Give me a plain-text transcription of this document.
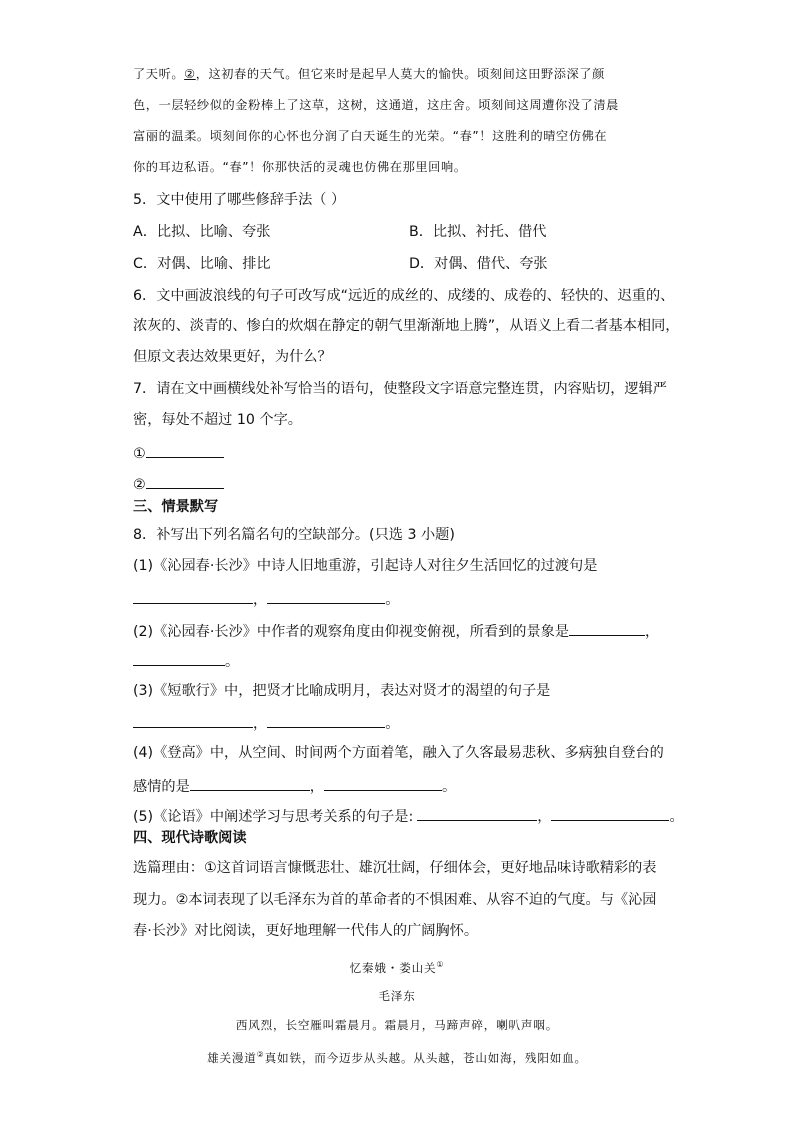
了天听。②，这初春的天气。但它来时是起早人莫大的愉快。顷刻间这田野添深了颜
色，一层轻纱似的金粉棒上了这草，这树，这通道，这庄舍。顷刻间这周遭你没了清晨
富丽的温柔。顷刻间你的心怀也分润了白天诞生的光荣。“春”！这胜利的晴空仿佛在
你的耳边私语。“春”！你那快活的灵魂也仿佛在那里回响。
5．文中使用了哪些修辞手法（ ）
A．比拟、比喻、夸张	B．比拟、衬托、借代
C．对偶、比喻、排比	D．对偶、借代、夸张
6．文中画波浪线的句子可改写成“远近的成丝的、成缕的、成卷的、轻快的、迟重的、
浓灰的、淡青的、惨白的炊烟在静定的朝气里渐渐地上腾”，从语义上看二者基本相同，
但原文表达效果更好，为什么？
7．请在文中画横线处补写恰当的语句，使整段文字语意完整连贯，内容贴切，逻辑严
密，每处不超过 10 个字。
①
②
三、情景默写
8．补写出下列名篇名句的空缺部分。(只选 3 小题)
(1)《沁园春·长沙》中诗人旧地重游，引起诗人对往夕生活回忆的过渡句是
，	。
(2)《沁园春·长沙》中作者的观察角度由仰视变俯视，所看到的景象是	，
。
(3)《短歌行》中，把贤才比喻成明月，表达对贤才的渴望的句子是
，	。
(4)《登高》中，从空间、时间两个方面着笔，融入了久客最易悲秋、多病独自登台的
感情的是	，	。
(5)《论语》中阐述学习与思考关系的句子是:	，	。
四、现代诗歌阅读
选篇理由：①这首词语言慷慨悲壮、雄沉壮阔，仔细体会，更好地品味诗歌精彩的表
现力。②本词表现了以毛泽东为首的革命者的不惧困难、从容不迫的气度。与《沁园
春·长沙》对比阅读，更好地理解一代伟人的广阔胸怀。
忆秦娥・娄山关①
毛泽东
西风烈，长空雁叫霜晨月。霜晨月，马蹄声碎，喇叭声咽。
雄关漫道②真如铁，而今迈步从头越。从头越，苍山如海，残阳如血。
